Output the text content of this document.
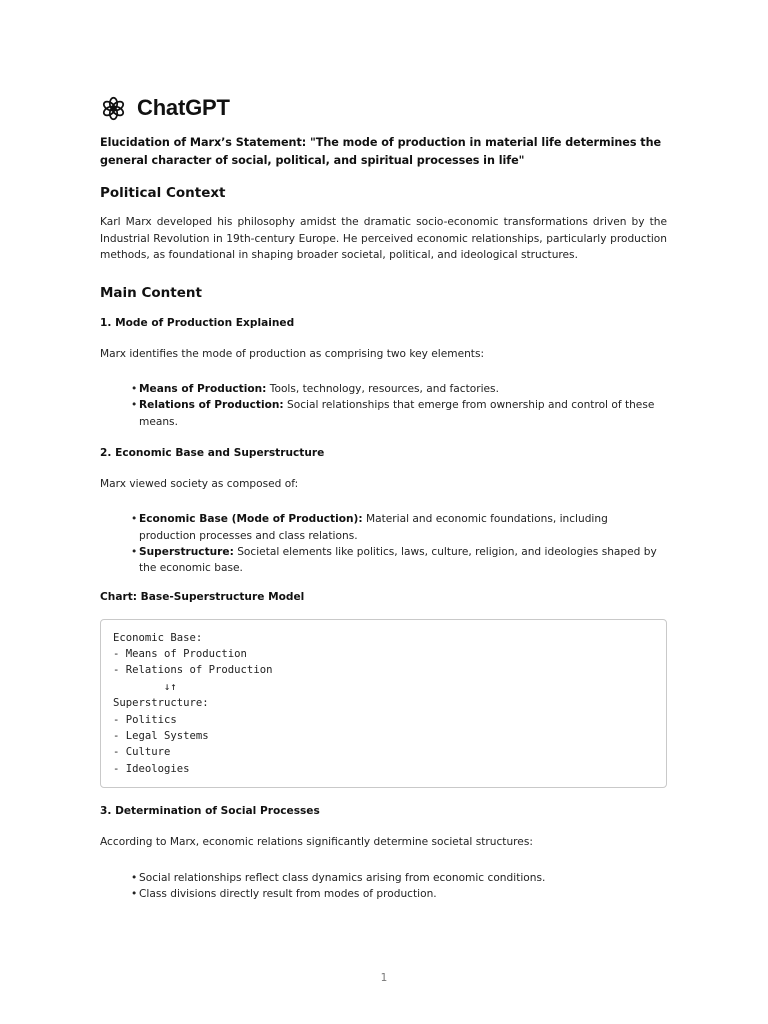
ChatGPT
Elucidation of Marx’s Statement: "The mode of production in material life determines the general character of social, political, and spiritual processes in life"
Political Context

Karl Marx developed his philosophy amidst the dramatic socio-economic transformations driven by the Industrial Revolution in 19th-century Europe. He perceived economic relationships, particularly production methods, as foundational in shaping broader societal, political, and ideological structures.

Main Content
1. Mode of Production Explained

Marx identifies the mode of production as comprising two key elements:

• Means of Production: Tools, technology, resources, and factories.
• Relations of Production: Social relationships that emerge from ownership and control of these means.
2. Economic Base and Superstructure

Marx viewed society as composed of:

• Economic Base (Mode of Production): Material and economic foundations, including production processes and class relations.
• Superstructure: Societal elements like politics, laws, culture, religion, and ideologies shaped by the economic base.
Chart: Base-Superstructure Model
Economic Base:
- Means of Production
- Relations of Production
↓↑
Superstructure:
- Politics
- Legal Systems
- Culture
- Ideologies
3. Determination of Social Processes

According to Marx, economic relations significantly determine societal structures:

• Social relationships reflect class dynamics arising from economic conditions.
• Class divisions directly result from modes of production.
1
